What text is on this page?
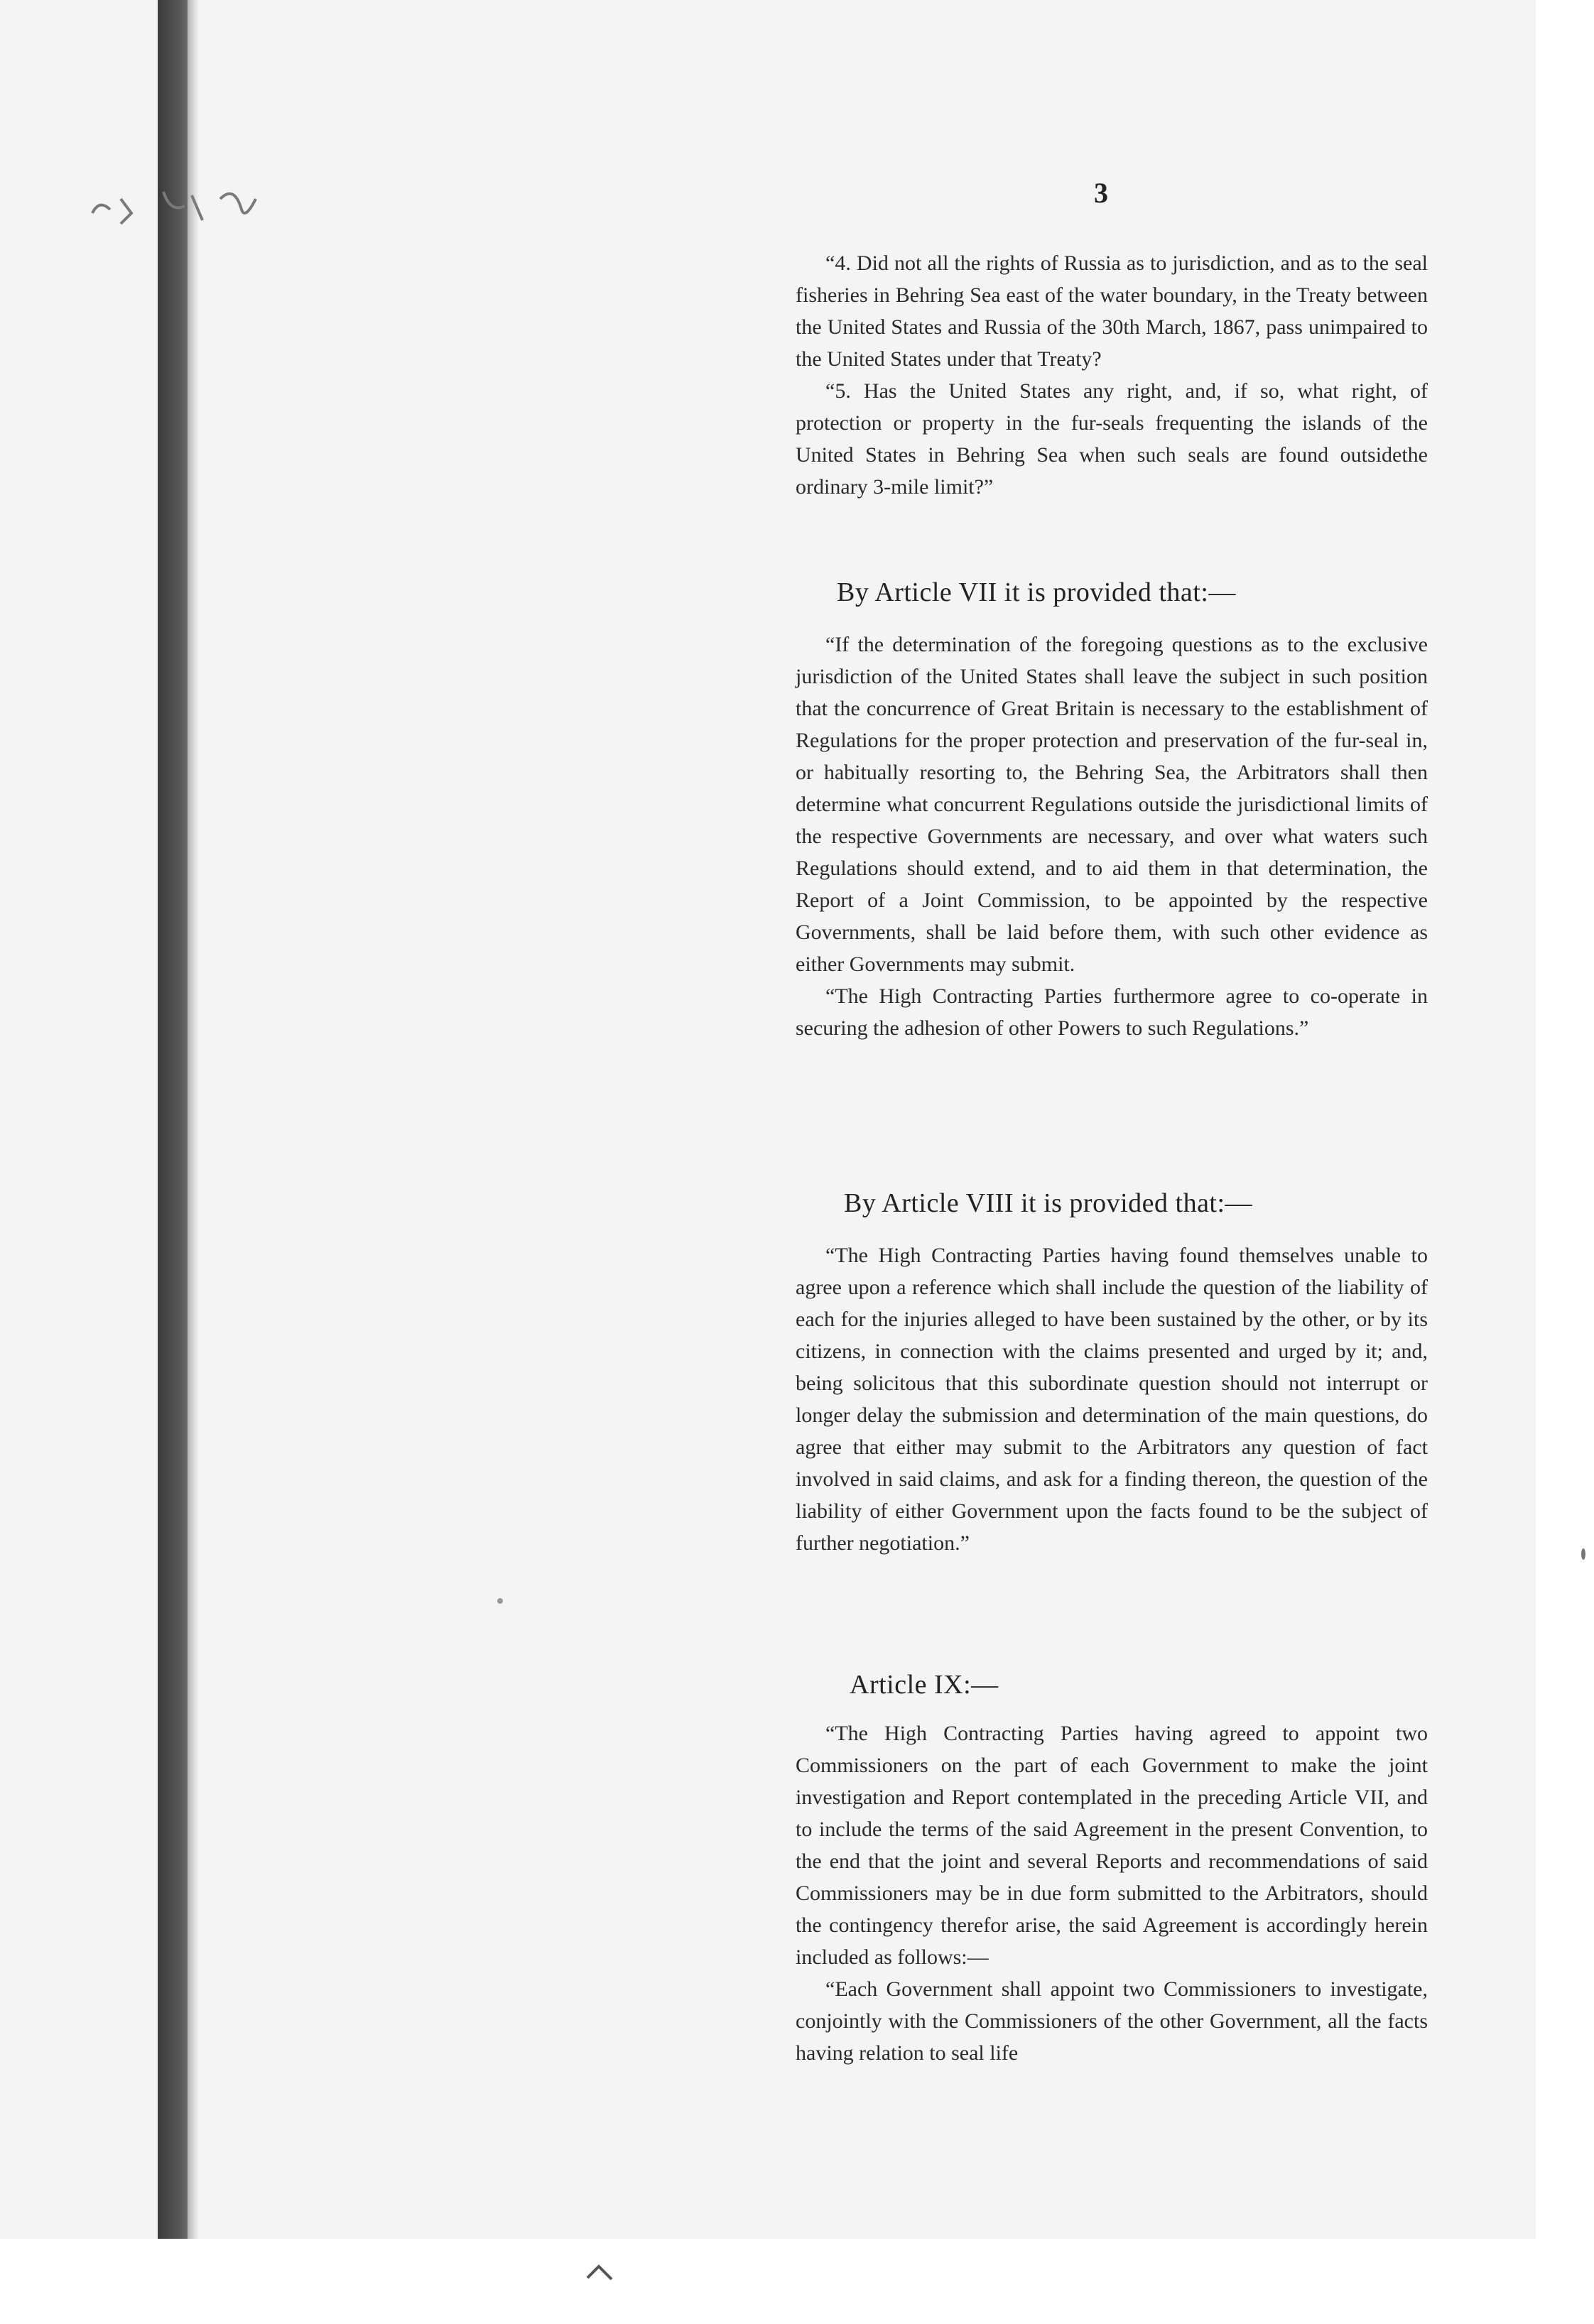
3

“4. Did not all the rights of Russia as to jurisdiction, and as to the seal fisheries in Behring Sea east of the water boundary, in the Treaty between the United States and Russia of the 30th March, 1867, pass unimpaired to the United States under that Treaty?

“5. Has the United States any right, and, if so, what right, of protection or property in the fur-seals frequenting the islands of the United States in Behring Sea when such seals are found outsidethe ordinary 3-mile limit?”

By Article VII it is provided that:—

“If the determination of the foregoing questions as to the exclusive jurisdiction of the United States shall leave the subject in such position that the concurrence of Great Britain is necessary to the establishment of Regulations for the proper protection and preservation of the fur-seal in, or habitually resorting to, the Behring Sea, the Arbitrators shall then determine what concurrent Regulations outside the jurisdictional limits of the respective Governments are necessary, and over what waters such Regulations should extend, and to aid them in that determination, the Report of a Joint Commission, to be appointed by the respective Governments, shall be laid before them, with such other evidence as either Governments may submit.

“The High Contracting Parties furthermore agree to co-operate in securing the adhesion of other Powers to such Regulations.”

By Article VIII it is provided that:—

“The High Contracting Parties having found themselves unable to agree upon a reference which shall include the question of the liability of each for the injuries alleged to have been sustained by the other, or by its citizens, in connection with the claims presented and urged by it; and, being solicitous that this subordinate question should not interrupt or longer delay the submission and determination of the main questions, do agree that either may submit to the Arbitrators any question of fact involved in said claims, and ask for a finding thereon, the question of the liability of either Government upon the facts found to be the subject of further negotiation.”

Article IX:—

“The High Contracting Parties having agreed to appoint two Commissioners on the part of each Government to make the joint investigation and Report contemplated in the preceding Article VII, and to include the terms of the said Agreement in the present Convention, to the end that the joint and several Reports and recommendations of said Commissioners may be in due form submitted to the Arbitrators, should the contingency therefor arise, the said Agreement is accordingly herein included as follows:—

“Each Government shall appoint two Commissioners to investigate, conjointly with the Commissioners of the other Government, all the facts having relation to seal life
